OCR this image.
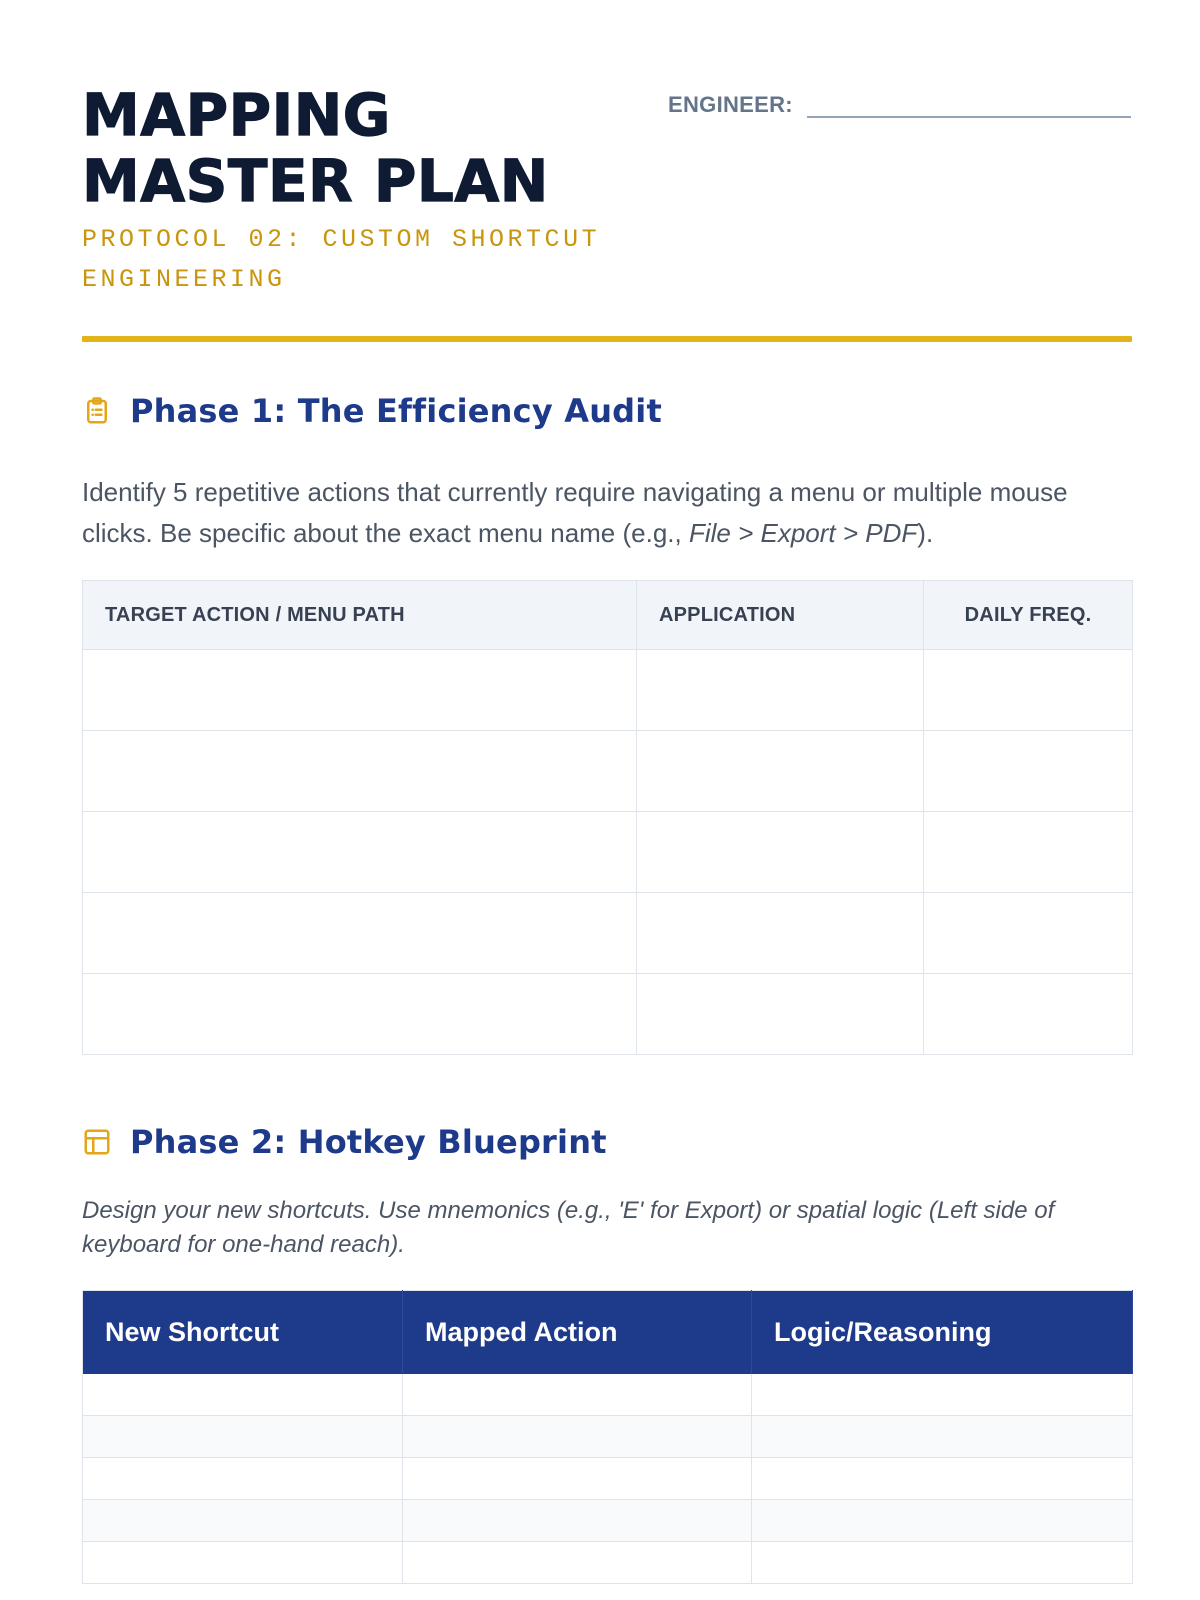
MAPPING
MASTER PLAN
PROTOCOL 02: CUSTOM SHORTCUT ENGINEERING
ENGINEER:
Phase 1: The Efficiency Audit

Identify 5 repetitive actions that currently require navigating a menu or multiple mouse clicks. Be specific about the exact menu name (e.g., File > Export > PDF).

TARGET ACTION / MENU PATH	APPLICATION	DAILY FREQ.

Phase 2: Hotkey Blueprint

Design your new shortcuts. Use mnemonics (e.g., 'E' for Export) or spatial logic (Left side of keyboard for one-hand reach).

New Shortcut	Mapped Action	Logic/Reasoning
